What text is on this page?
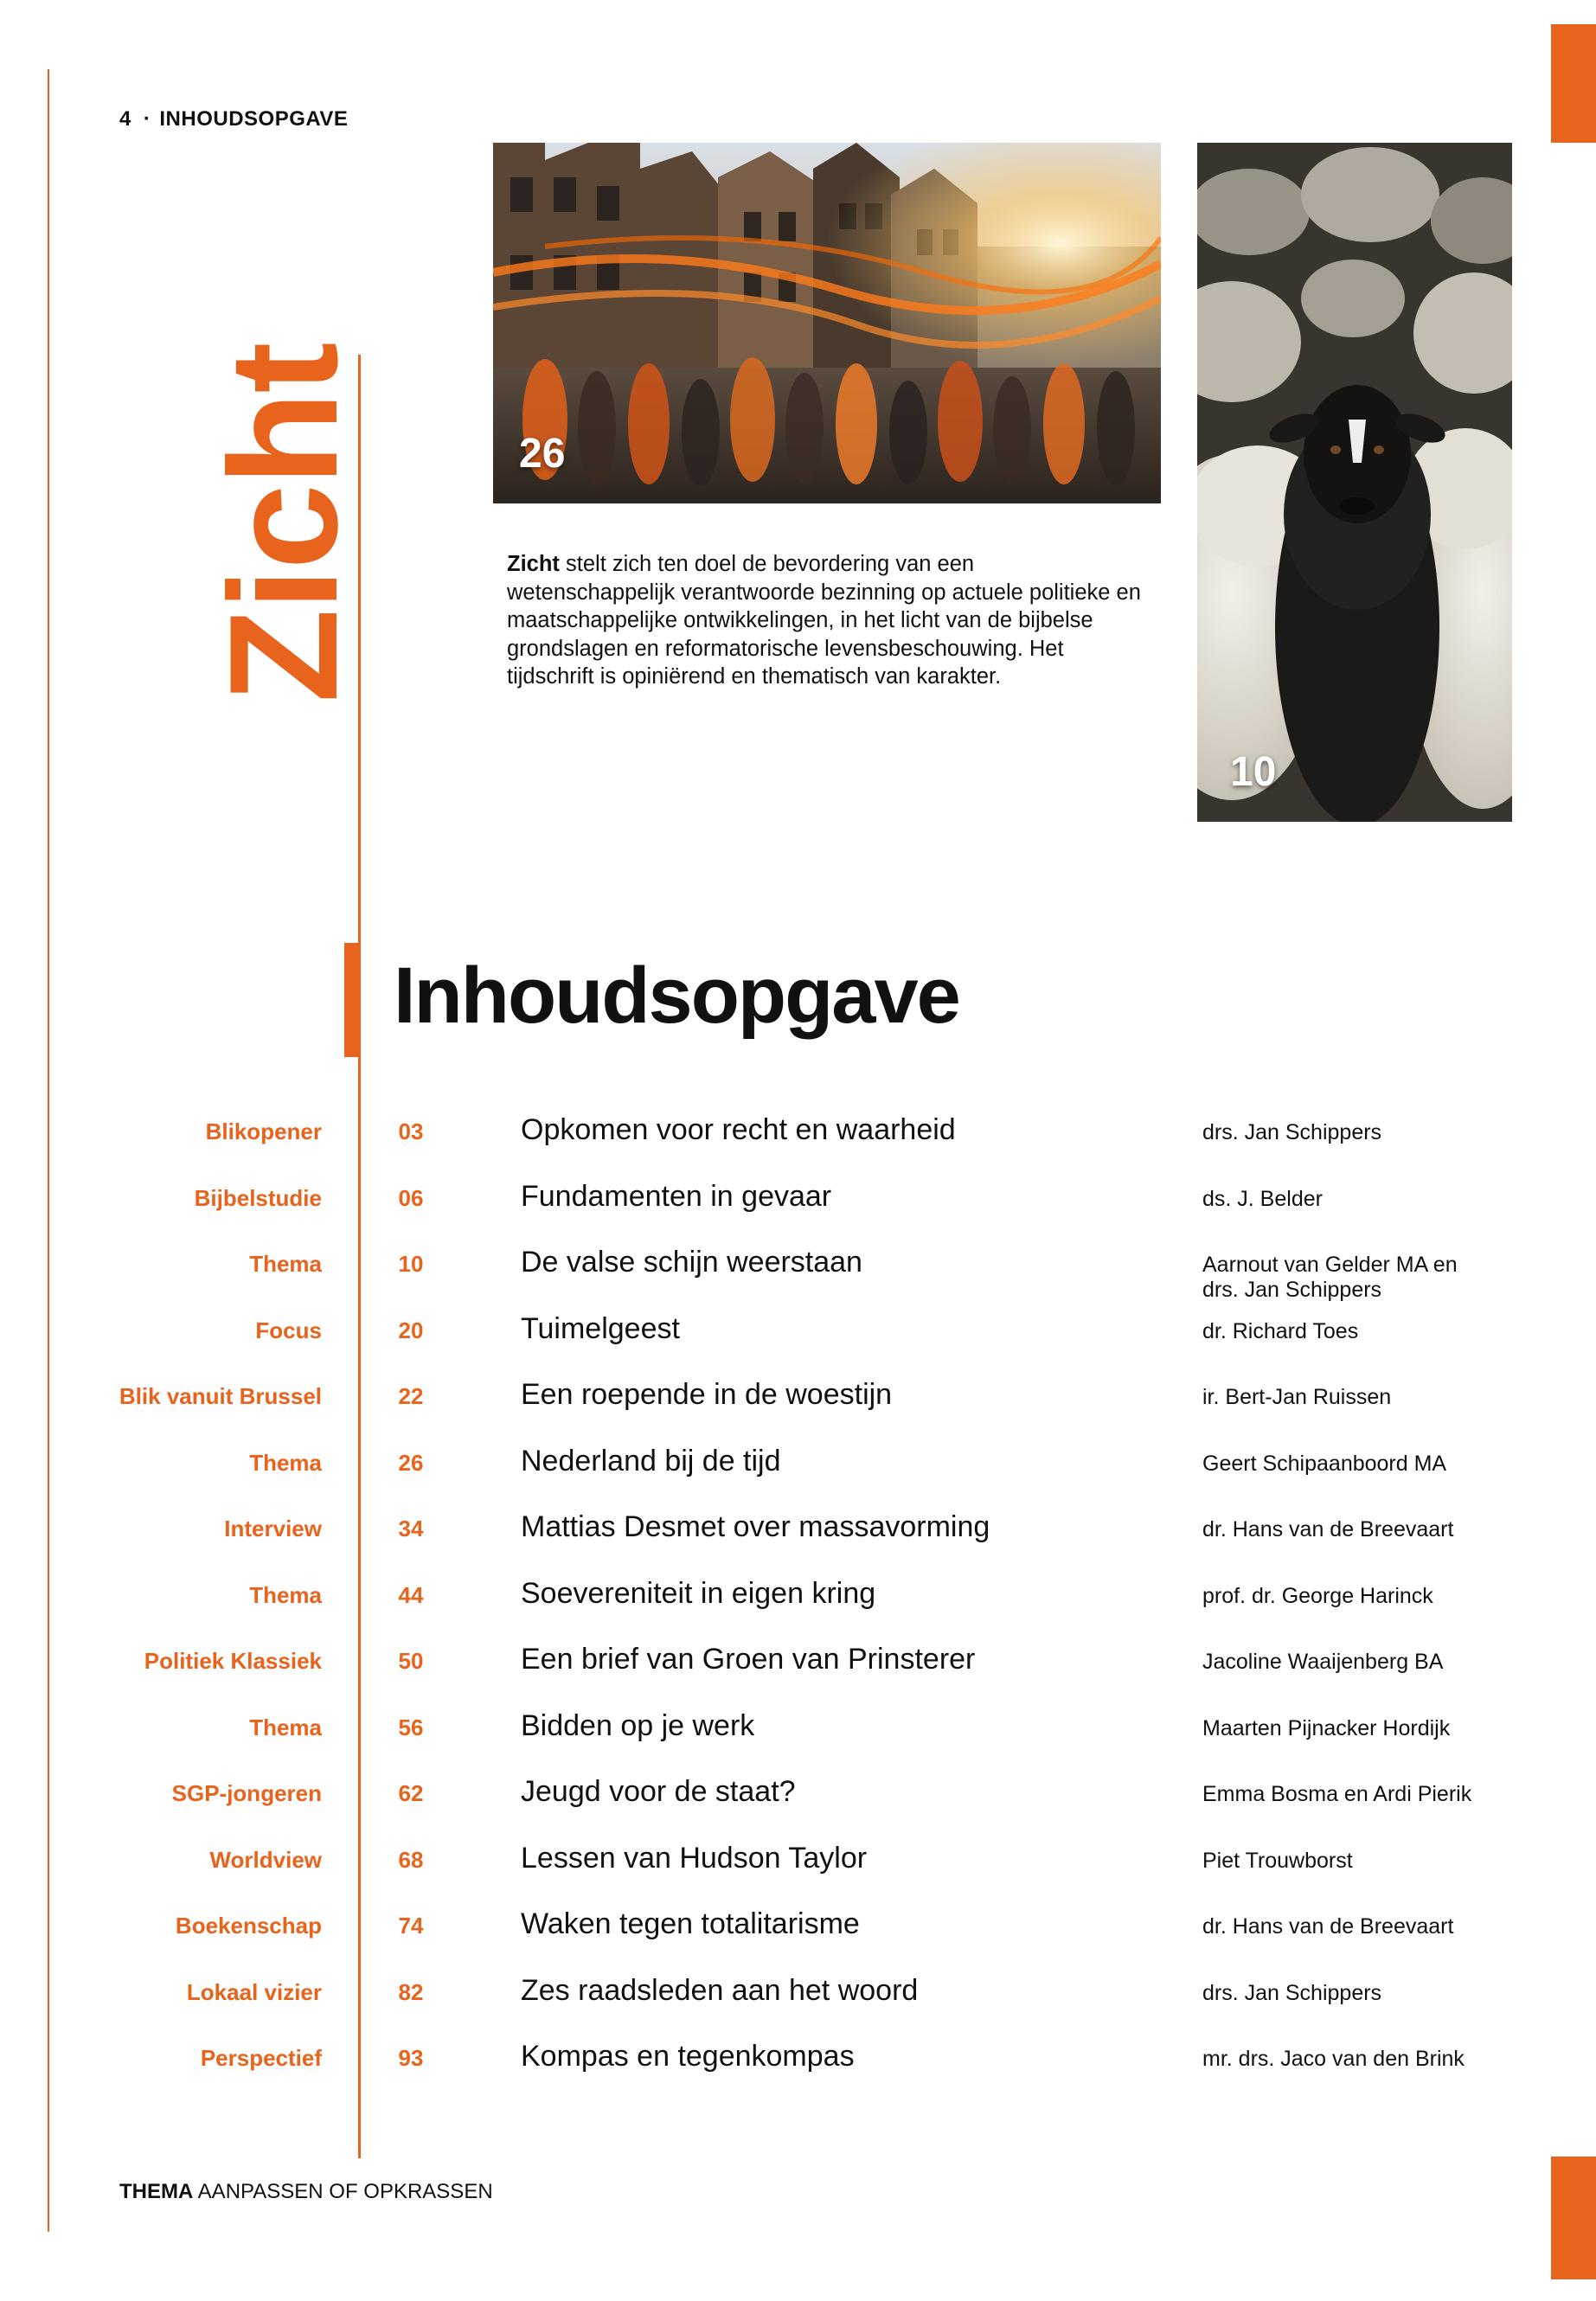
4 · INHOUDSOPGAVE
Zicht	26
10
Zicht stelt zich ten doel de bevordering van een wetenschappelijk verantwoorde bezinning op actuele politieke en maatschappelijke ontwikkelingen, in het licht van de bijbelse grondslagen en reformatorische levensbeschouwing. Het tijdschrift is opiniërend en thematisch van karakter.
Inhoudsopgave
Blikopener	03	Opkomen voor recht en waarheid	drs. Jan Schippers
Bijbelstudie	06	Fundamenten in gevaar	ds. J. Belder
Thema	10	De valse schijn weerstaan	Aarnout van Gelder MA en drs. Jan Schippers
Focus	20	Tuimelgeest	dr. Richard Toes
Blik vanuit Brussel	22	Een roepende in de woestijn	ir. Bert-Jan Ruissen
Thema	26	Nederland bij de tijd	Geert Schipaanboord MA
Interview	34	Mattias Desmet over massavorming	dr. Hans van de Breevaart
Thema	44	Soevereniteit in eigen kring	prof. dr. George Harinck
Politiek Klassiek	50	Een brief van Groen van Prinsterer	Jacoline Waaijenberg BA
Thema	56	Bidden op je werk	Maarten Pijnacker Hordijk
SGP-jongeren	62	Jeugd voor de staat?	Emma Bosma en Ardi Pierik
Worldview	68	Lessen van Hudson Taylor	Piet Trouwborst
Boekenschap	74	Waken tegen totalitarisme	dr. Hans van de Breevaart
Lokaal vizier	82	Zes raadsleden aan het woord	drs. Jan Schippers
Perspectief	93	Kompas en tegenkompas	mr. drs. Jaco van den Brink
THEMA AANPASSEN OF OPKRASSEN
